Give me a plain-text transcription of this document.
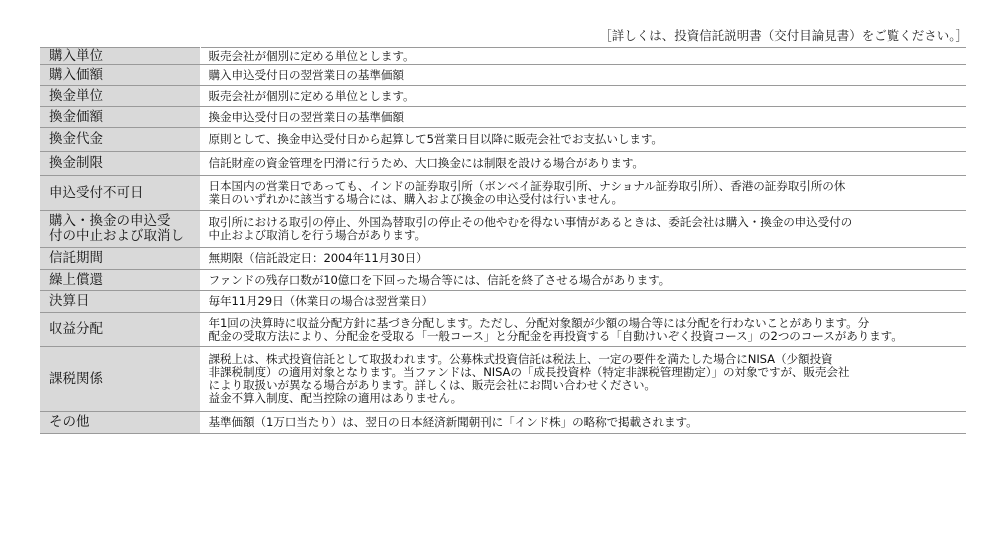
［詳しくは、投資信託説明書（交付目論見書）をご覧ください。］
購入単位	販売会社が個別に定める単位とします。

購入価額	購入申込受付日の翌営業日の基準価額

換金単位	販売会社が個別に定める単位とします。

換金価額	換金申込受付日の翌営業日の基準価額

換金代金	原則として、換金申込受付日から起算して5営業日目以降に販売会社でお支払いします。

換金制限	信託財産の資金管理を円滑に行うため、大口換金には制限を設ける場合があります。

申込受付不可日	日本国内の営業日であっても、インドの証券取引所（ボンベイ証券取引所、ナショナル証券取引所）、香港の証券取引所の休
業日のいずれかに該当する場合には、購入および換金の申込受付は行いません。

購入・換金の申込受
付の中止および取消し	取引所における取引の停止、外国為替取引の停止その他やむを得ない事情があるときは、委託会社は購入・換金の申込受付の
中止および取消しを行う場合があります。

信託期間	無期限（信託設定日：2004年11月30日）

繰上償還	ファンドの残存口数が10億口を下回った場合等には、信託を終了させる場合があります。

決算日	毎年11月29日（休業日の場合は翌営業日）

収益分配	年1回の決算時に収益分配方針に基づき分配します。ただし、分配対象額が少額の場合等には分配を行わないことがあります。分
配金の受取方法により、分配金を受取る「一般コース」と分配金を再投資する「自動けいぞく投資コース」の2つのコースがあります。

課税関係	課税上は、株式投資信託として取扱われます。公募株式投資信託は税法上、一定の要件を満たした場合にNISA（少額投資
非課税制度）の適用対象となります。当ファンドは、NISAの「成長投資枠（特定非課税管理勘定）」の対象ですが、販売会社
により取扱いが異なる場合があります。詳しくは、販売会社にお問い合わせください。
益金不算入制度、配当控除の適用はありません。

その他	基準価額（1万口当たり）は、翌日の日本経済新聞朝刊に「インド株」の略称で掲載されます。
